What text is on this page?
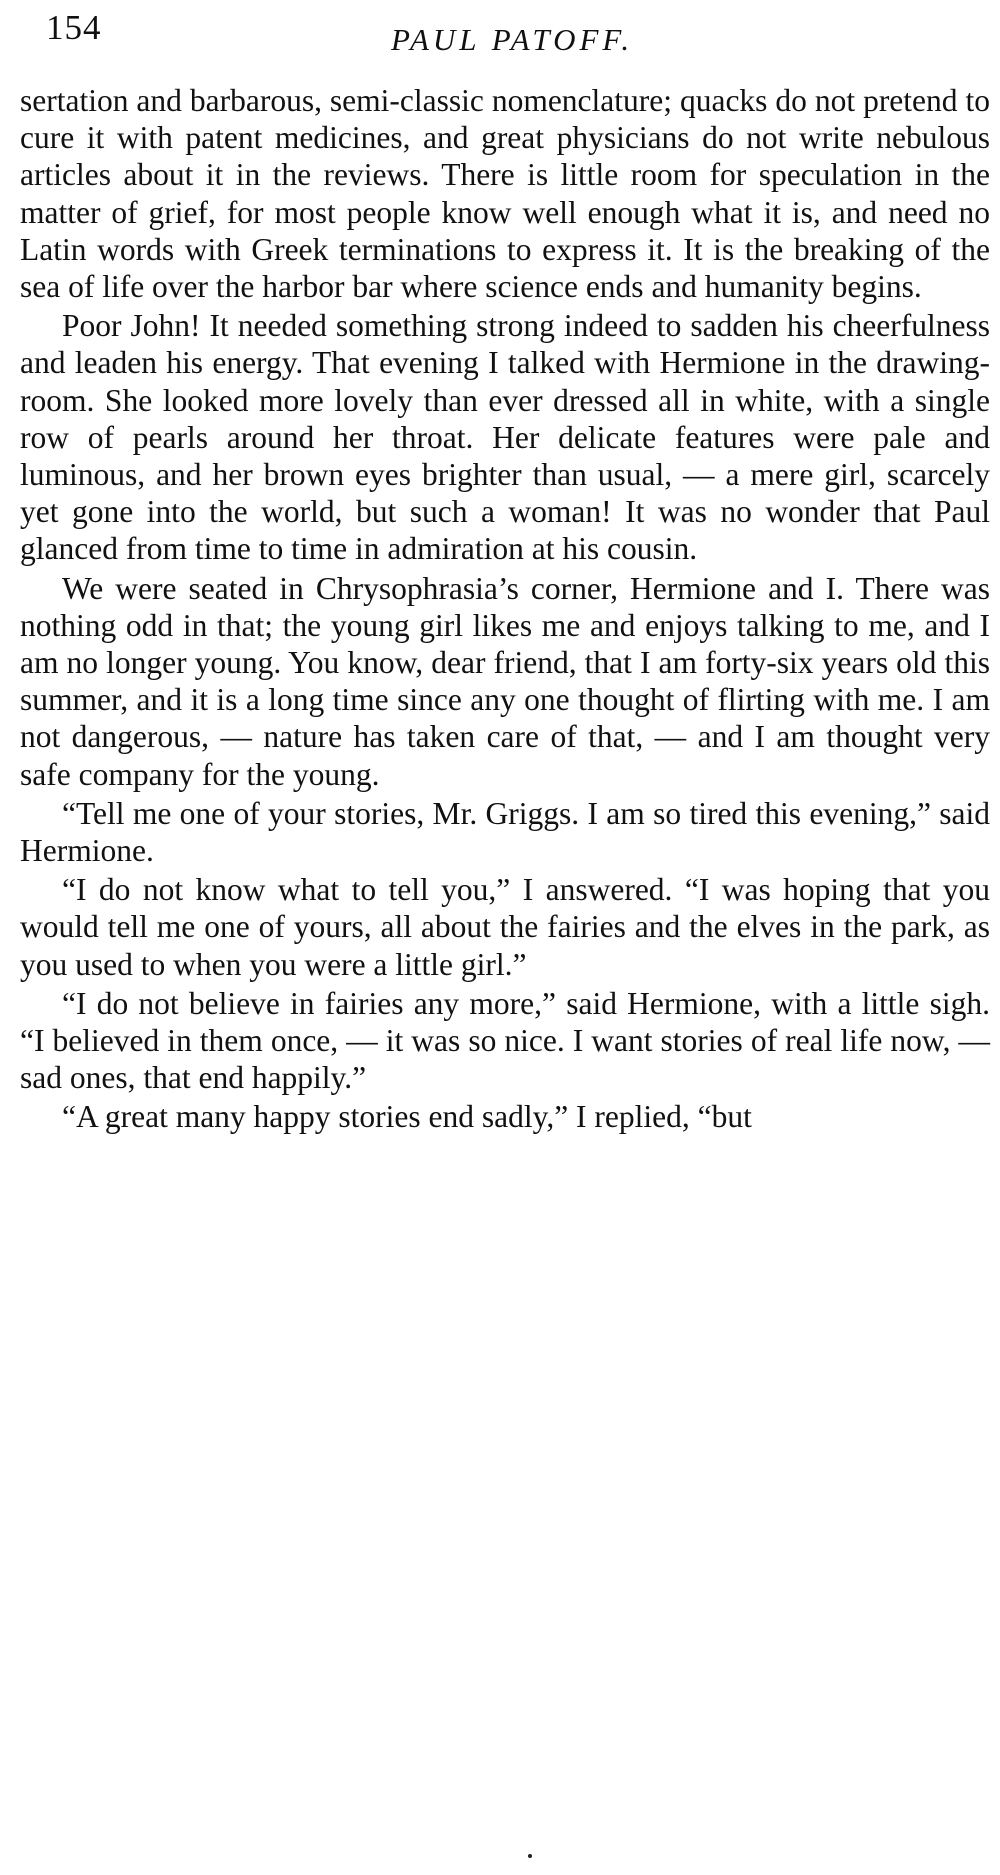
154	PAUL PATOFF.

sertation and barbarous, semi-classic nomenclature; quacks do not pretend to cure it with patent medicines, and great physicians do not write nebulous articles about it in the reviews. There is little room for speculation in the matter of grief, for most people know well enough what it is, and need no Latin words with Greek terminations to express it. It is the breaking of the sea of life over the harbor bar where science ends and humanity begins.

Poor John! It needed something strong indeed to sadden his cheerfulness and leaden his energy. That evening I talked with Hermione in the drawing-room. She looked more lovely than ever dressed all in white, with a single row of pearls around her throat. Her delicate features were pale and luminous, and her brown eyes brighter than usual, — a mere girl, scarcely yet gone into the world, but such a woman! It was no wonder that Paul glanced from time to time in admiration at his cousin.

We were seated in Chrysophrasia’s corner, Hermione and I. There was nothing odd in that; the young girl likes me and enjoys talking to me, and I am no longer young. You know, dear friend, that I am forty-six years old this summer, and it is a long time since any one thought of flirting with me. I am not dangerous, — nature has taken care of that, — and I am thought very safe company for the young.

“Tell me one of your stories, Mr. Griggs. I am so tired this evening,” said Hermione.

“I do not know what to tell you,” I answered. “I was hoping that you would tell me one of yours, all about the fairies and the elves in the park, as you used to when you were a little girl.”

“I do not believe in fairies any more,” said Hermione, with a little sigh. “I believed in them once, — it was so nice. I want stories of real life now, — sad ones, that end happily.”

“A great many happy stories end sadly,” I replied, “but
